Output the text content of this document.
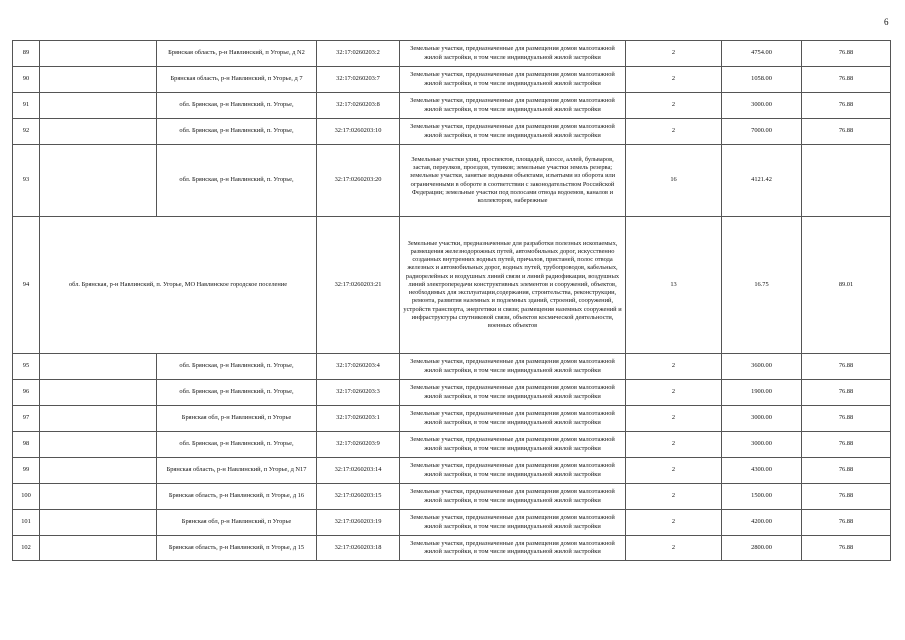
6
89		Брянская область, р-н Навлинский, п Угорье, д N2	32:17:0260203:2	Земельные участки, предназначенные для размещения домов малоэтажной жилой застройки, в том числе индивидуальной жилой застройки	2	4754.00	76.88	
90		Брянская область, р-н Навлинский, п Угорье, д 7	32:17:0260203:7	Земельные участки, предназначенные для размещения домов малоэтажной жилой застройки, в том числе индивидуальной жилой застройки	2	1058.00	76.88	
91		обл. Брянская, р-н Навлинский, п. Угорье,	32:17:0260203:8	Земельные участки, предназначенные для размещения домов малоэтажной жилой застройки, в том числе индивидуальной жилой застройки	2	3000.00	76.88	
92		обл. Брянская, р-н Навлинский, п. Угорье,	32:17:0260203:10	Земельные участки, предназначенные для размещения домов малоэтажной жилой застройки, в том числе индивидуальной жилой застройки	2	7000.00	76.88	
93		обл. Брянская, р-н Навлинский, п. Угорье,	32:17:0260203:20	Земельные участки улиц, проспектов, площадей, шоссе, аллей, бульваров, застав, переулков, проездов, тупиков; земельные участки земель резерва; земельные участки, занятые водными объектами, изъятыми из оборота или ограниченными в обороте в соответствии с законодательством Российской Федерации; земельные участки под полосами отвода водоемов, каналов и коллекторов, набережные	16	4121.42		
94	обл. Брянская, р-н Навлинский, п. Угорье, МО Навлинское городское поселение		32:17:0260203:21	Земельные участки, предназначенные для разработки полезных ископаемых, размещения железнодорожных путей, автомобильных дорог, искусственно созданных внутренних водных путей, причалов, пристаней, полос отвода железных и автомобильных дорог, водных путей, трубопроводов, кабельных, радиорелейных и воздушных линий связи и линий радиофикации, воздушных линий электропередачи конструктивных элементов и сооружений, объектов, необходимых для эксплуатации,содержания, строительства, реконструкции, ремонта, развития наземных и подземных зданий, строений, сооружений, устройств транспорта, энергетики и связи; размещения наземных сооружений и инфраструктуры спутниковой связи, объектов космической деятельности, военных объектов	13	16.75	89.01	
95		обл. Брянская, р-н Навлинский, п. Угорье,	32:17:0260203:4	Земельные участки, предназначенные для размещения домов малоэтажной жилой застройки, в том числе индивидуальной жилой застройки	2	3600.00	76.88	
96		обл. Брянская, р-н Навлинский, п. Угорье,	32:17:0260203:3	Земельные участки, предназначенные для размещения домов малоэтажной жилой застройки, в том числе индивидуальной жилой застройки	2	1900.00	76.88	
97		Брянская обл, р-н Навлинский, п Угорье	32:17:0260203:1	Земельные участки, предназначенные для размещения домов малоэтажной жилой застройки, в том числе индивидуальной жилой застройки	2	3000.00	76.88	
98		обл. Брянская, р-н Навлинский, п. Угорье,	32:17:0260203:9	Земельные участки, предназначенные для размещения домов малоэтажной жилой застройки, в том числе индивидуальной жилой застройки	2	3000.00	76.88	
99		Брянская область, р-н Навлинский, п Угорье, д N17	32:17:0260203:14	Земельные участки, предназначенные для размещения домов малоэтажной жилой застройки, в том числе индивидуальной жилой застройки	2	4300.00	76.88	
100		Брянская область, р-н Навлинский, п Угорье, д 16	32:17:0260203:15	Земельные участки, предназначенные для размещения домов малоэтажной жилой застройки, в том числе индивидуальной жилой застройки	2	1500.00	76.88	
101		Брянская обл, р-н Навлинский, п Угорье	32:17:0260203:19	Земельные участки, предназначенные для размещения домов малоэтажной жилой застройки, в том числе индивидуальной жилой застройки	2	4200.00	76.88	
102		Брянская область, р-н Навлинский, п Угорье, д 15	32:17:0260203:18	Земельные участки, предназначенные для размещения домов малоэтажной жилой застройки, в том числе индивидуальной жилой застройки	2	2800.00	76.88	
